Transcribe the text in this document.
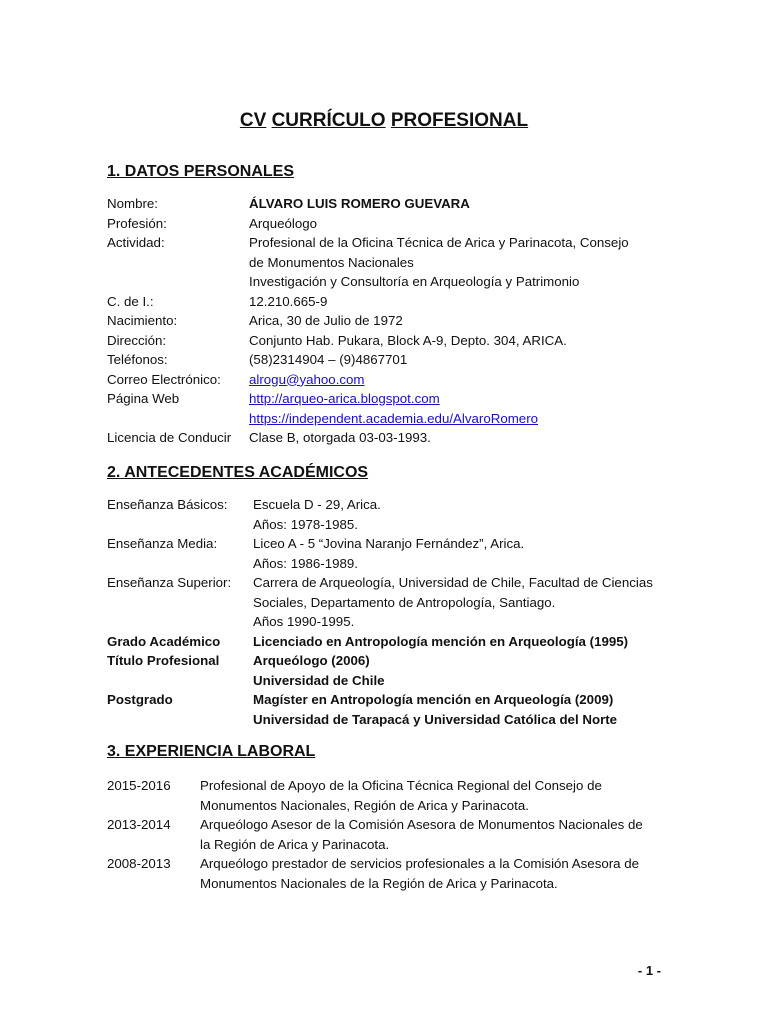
CV CURRÍCULO PROFESIONAL
1. DATOS PERSONALES
Nombre:	ÁLVARO LUIS ROMERO GUEVARA
Profesión:	Arqueólogo
Actividad:	Profesional de la Oficina Técnica de Arica y Parinacota, Consejo
de Monumentos Nacionales
Investigación y Consultoría en Arqueología y Patrimonio
C. de I.:	12.210.665-9
Nacimiento:	Arica, 30 de Julio de 1972
Dirección:	Conjunto Hab. Pukara, Block A-9, Depto. 304, ARICA.
Teléfonos:	(58)2314904 – (9)4867701
Correo Electrónico:	alrogu@yahoo.com
Página Web	http://arqueo-arica.blogspot.com
https://independent.academia.edu/AlvaroRomero
Licencia de Conducir	Clase B, otorgada 03-03-1993.
2. ANTECEDENTES ACADÉMICOS
Enseñanza Básicos:	Escuela D - 29, Arica.
Años: 1978-1985.
Enseñanza Media:	Liceo A - 5 “Jovina Naranjo Fernández”, Arica.
Años: 1986-1989.
Enseñanza Superior:	Carrera de Arqueología, Universidad de Chile, Facultad de Ciencias
Sociales, Departamento de Antropología, Santiago.
Años 1990-1995.
Grado Académico	Licenciado en Antropología mención en Arqueología (1995)
Título Profesional	Arqueólogo (2006)
Universidad de Chile
Postgrado	Magíster en Antropología mención en Arqueología (2009)
Universidad de Tarapacá y Universidad Católica del Norte
3. EXPERIENCIA LABORAL
2015-2016	Profesional de Apoyo de la Oficina Técnica Regional del Consejo de
Monumentos Nacionales, Región de Arica y Parinacota.
2013-2014	Arqueólogo Asesor de la Comisión Asesora de Monumentos Nacionales de
la Región de Arica y Parinacota.
2008-2013	Arqueólogo prestador de servicios profesionales a la Comisión Asesora de
Monumentos Nacionales de la Región de Arica y Parinacota.
- 1 -
